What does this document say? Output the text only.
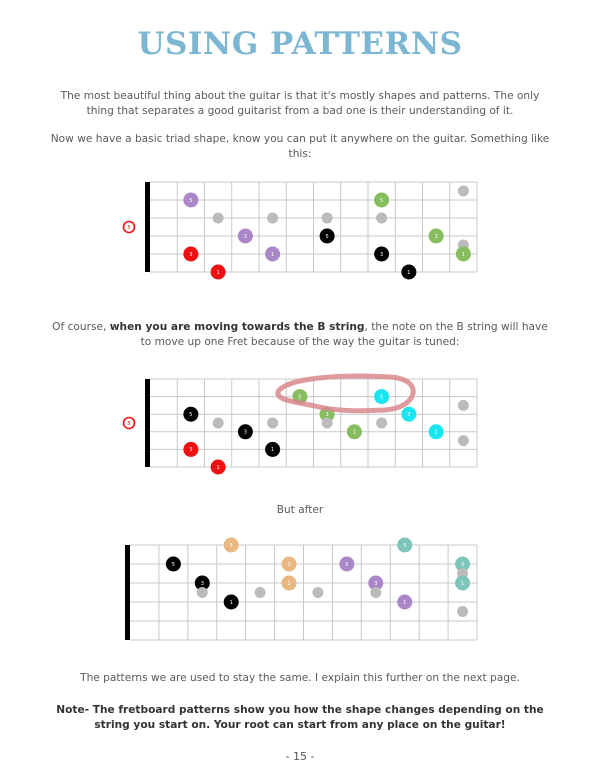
USING PATTERNS
The most beautiful thing about the guitar is that it's mostly shapes and patterns. The only thing that separates a good guitarist from a bad one is their understanding of it.
Now we have a basic triad shape, know you can put it anywhere on the guitar. Something like this:
5
5
3
3
1
1
5
5
3
1
3
1
Of course, when you are moving towards the B string, the note on the B string will have to move up one Fret because of the way the guitar is tuned:
5
5
3
3
1
1
5
3
1
5
3
1
But after
5
3
5
1
3
1
5
3
1
5
3
1
The patterns we are used to stay the same. I explain this further on the next page.
Note- The fretboard patterns show you how the shape changes depending on the string you start on. Your root can start from any place on the guitar!
- 15 -
